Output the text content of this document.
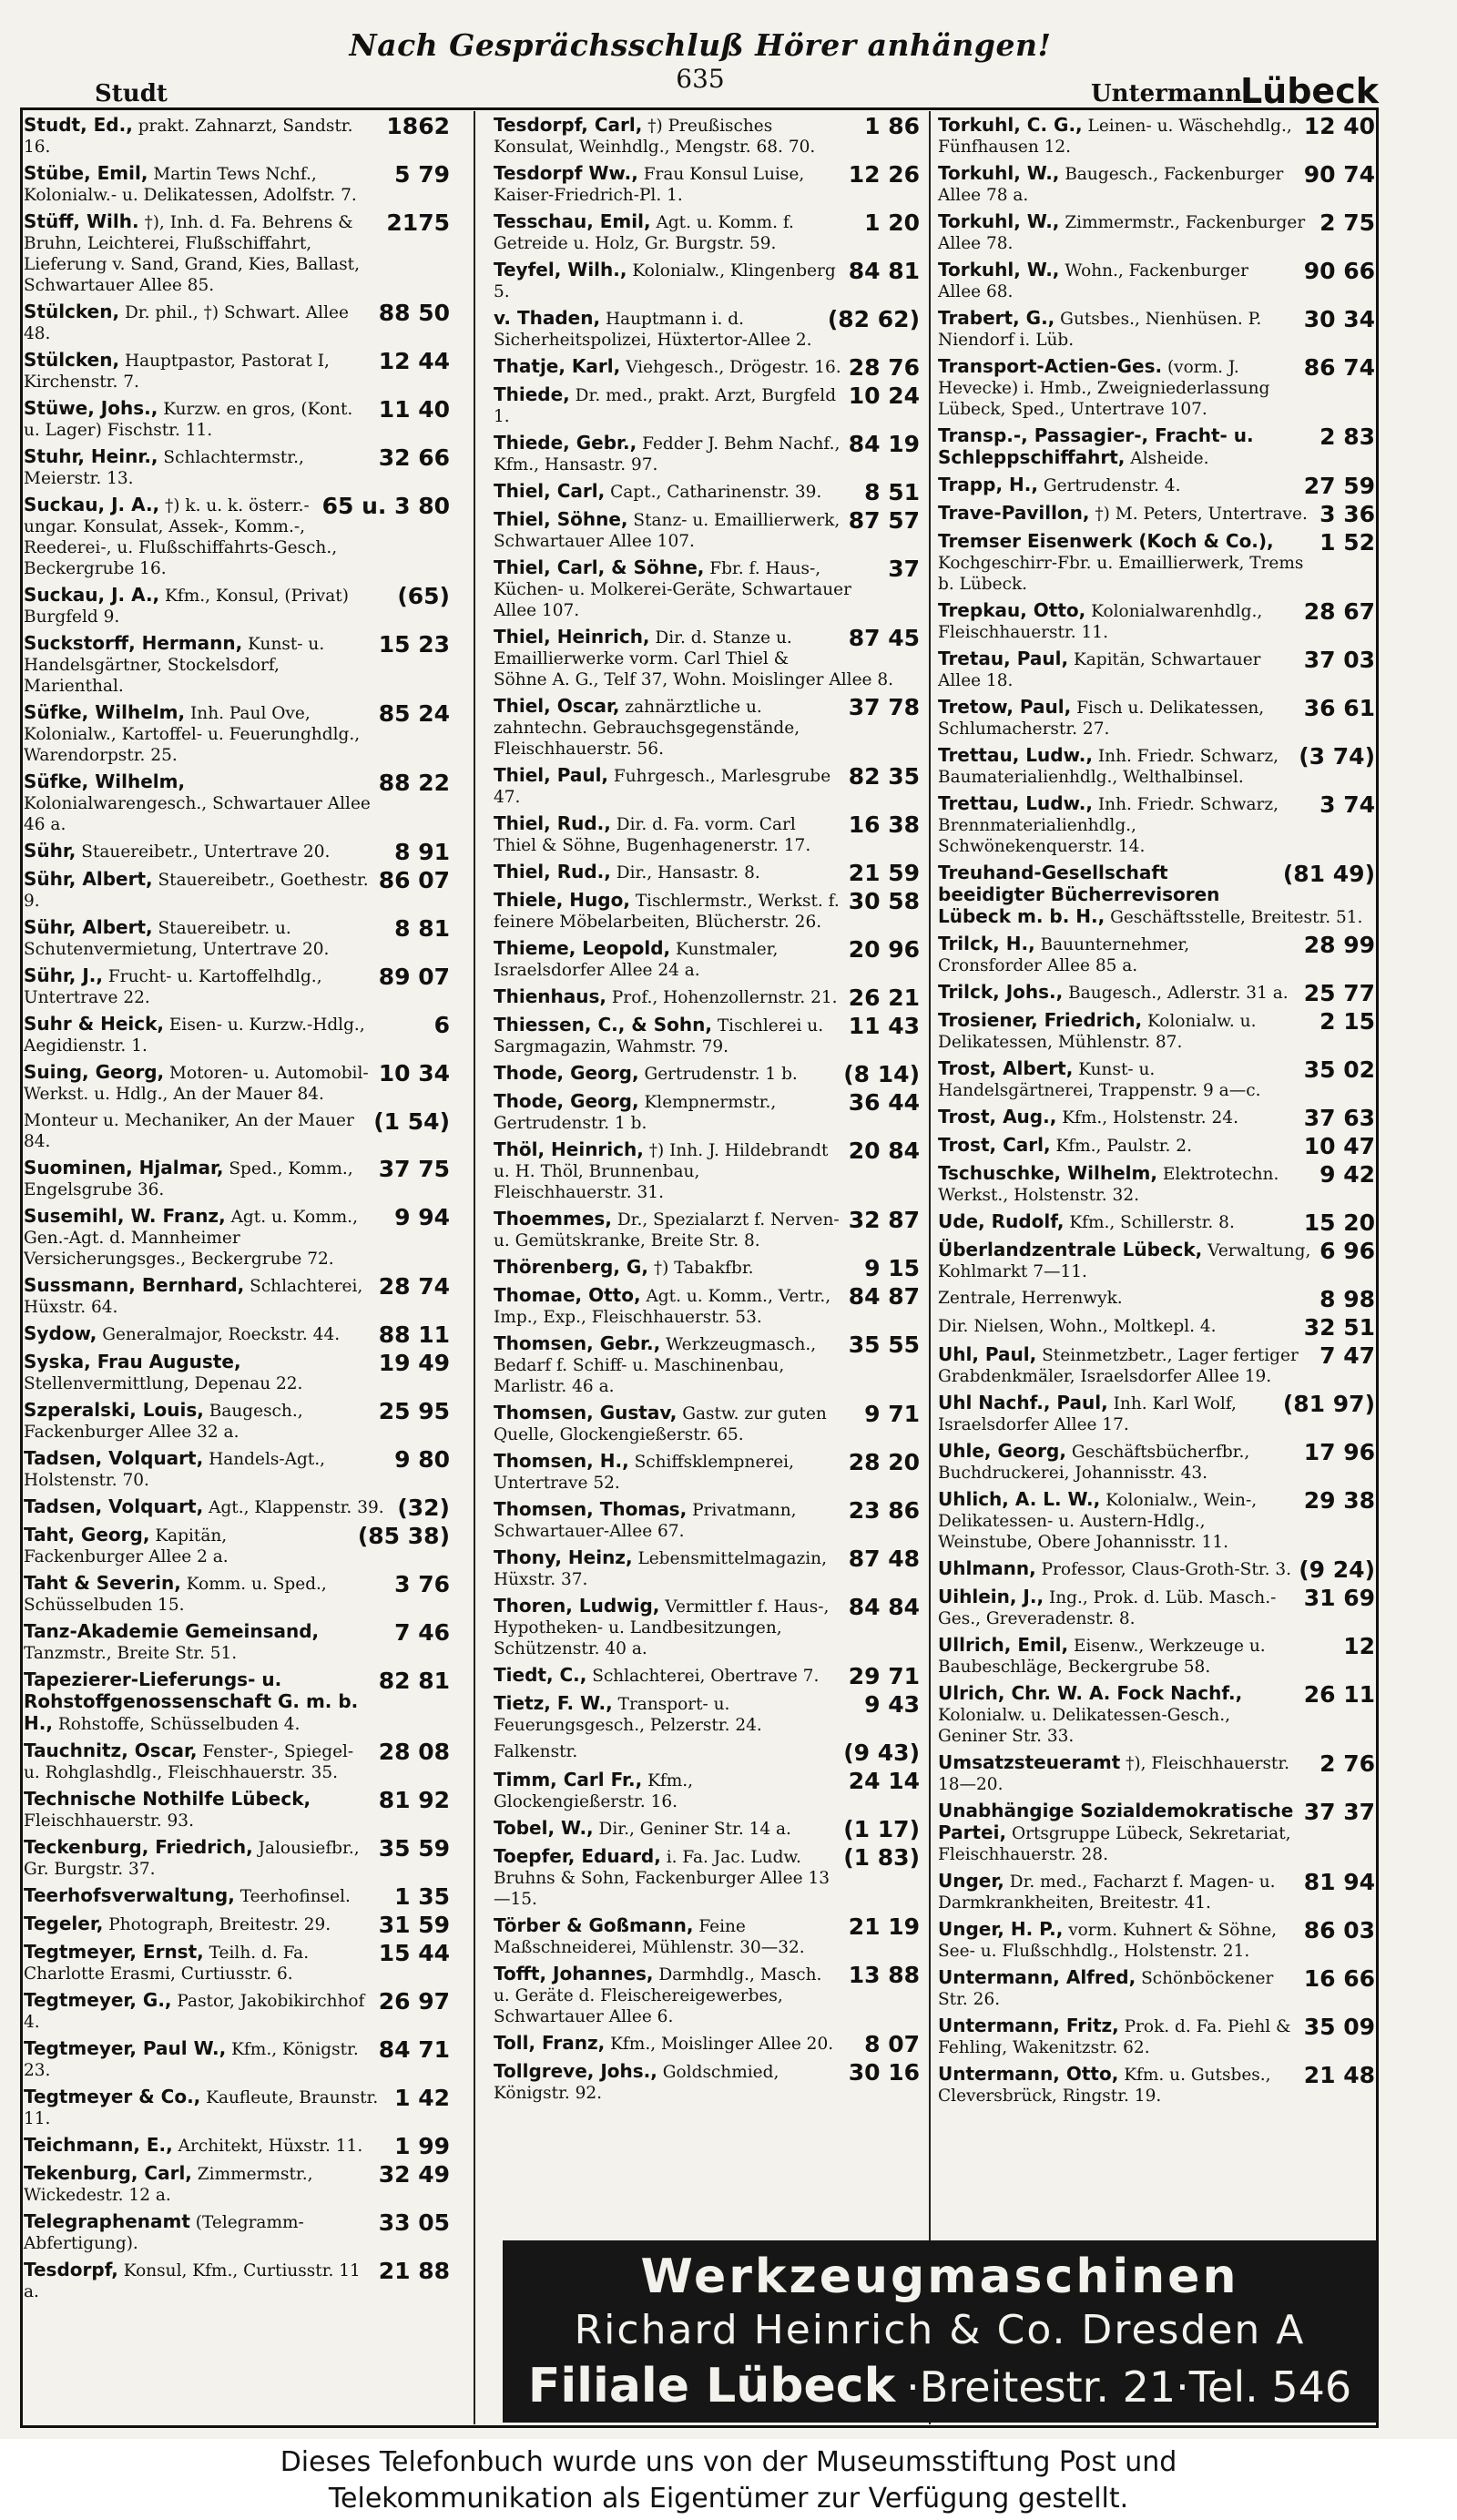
Nach Gesprächsschluß Hörer anhängen!
Studt	635	Untermann
Lübeck
1862
Studt, Ed., prakt. Zahnarzt, Sandstr. 16.
5 79
Stübe, Emil, Martin Tews Nchf., Kolonialw.- u. Delikatessen, Adolfstr. 7.
2175
Stüff, Wilh. †), Inh. d. Fa. Behrens & Bruhn, Leichterei, Flußschiffahrt, Lieferung v. Sand, Grand, Kies, Ballast, Schwartauer Allee 85.
88 50
Stülcken, Dr. phil., †) Schwart. Allee 48.
12 44
Stülcken, Hauptpastor, Pastorat I, Kirchenstr. 7.
11 40
Stüwe, Johs., Kurzw. en gros, (Kont. u. Lager) Fischstr. 11.
32 66
Stuhr, Heinr., Schlachtermstr., Meierstr. 13.
65 u. 3 80
Suckau, J. A., †) k. u. k. österr.-ungar. Konsulat, Assek-, Komm.-, Reederei-, u. Flußschiffahrts-Gesch., Beckergrube 16.
(65)
Suckau, J. A., Kfm., Konsul, (Privat) Burgfeld 9.
15 23
Suckstorff, Hermann, Kunst- u. Handelsgärtner, Stockelsdorf, Marienthal.
85 24
Süfke, Wilhelm, Inh. Paul Ove, Kolonialw., Kartoffel- u. Feuerunghdlg., Warendorpstr. 25.
88 22
Süfke, Wilhelm, Kolonialwarengesch., Schwartauer Allee 46 a.
8 91
Sühr, Stauereibetr., Untertrave 20.
86 07
Sühr, Albert, Stauereibetr., Goethestr. 9.
8 81
Sühr, Albert, Stauereibetr. u. Schutenvermietung, Untertrave 20.
89 07
Sühr, J., Frucht- u. Kartoffelhdlg., Untertrave 22.
6
Suhr & Heick, Eisen- u. Kurzw.-Hdlg., Aegidienstr. 1.
10 34
Suing, Georg, Motoren- u. Automobil-Werkst. u. Hdlg., An der Mauer 84.
(1 54)
Monteur u. Mechaniker, An der Mauer 84.
37 75
Suominen, Hjalmar, Sped., Komm., Engelsgrube 36.
9 94
Susemihl, W. Franz, Agt. u. Komm., Gen.-Agt. d. Mannheimer Versicherungsges., Beckergrube 72.
28 74
Sussmann, Bernhard, Schlachterei, Hüxstr. 64.
88 11
Sydow, Generalmajor, Roeckstr. 44.
19 49
Syska, Frau Auguste, Stellenvermittlung, Depenau 22.
25 95
Szperalski, Louis, Baugesch., Fackenburger Allee 32 a.
9 80
Tadsen, Volquart, Handels-Agt., Holstenstr. 70.
(32)
Tadsen, Volquart, Agt., Klappenstr. 39.
(85 38)
Taht, Georg, Kapitän, Fackenburger Allee 2 a.
3 76
Taht & Severin, Komm. u. Sped., Schüsselbuden 15.
7 46
Tanz-Akademie Gemeinsand, Tanzmstr., Breite Str. 51.
82 81
Tapezierer-Lieferungs- u. Rohstoffgenossenschaft G. m. b. H., Rohstoffe, Schüsselbuden 4.
28 08
Tauchnitz, Oscar, Fenster-, Spiegel- u. Rohglashdlg., Fleischhauerstr. 35.
81 92
Technische Nothilfe Lübeck, Fleischhauerstr. 93.
35 59
Teckenburg, Friedrich, Jalousiefbr., Gr. Burgstr. 37.
1 35
Teerhofsverwaltung, Teerhofinsel.
31 59
Tegeler, Photograph, Breitestr. 29.
15 44
Tegtmeyer, Ernst, Teilh. d. Fa. Charlotte Erasmi, Curtiusstr. 6.
26 97
Tegtmeyer, G., Pastor, Jakobikirchhof 4.
84 71
Tegtmeyer, Paul W., Kfm., Königstr. 23.
1 42
Tegtmeyer & Co., Kaufleute, Braunstr. 11.
1 99
Teichmann, E., Architekt, Hüxstr. 11.
32 49
Tekenburg, Carl, Zimmermstr., Wickedestr. 12 a.
33 05
Telegraphenamt (Telegramm-Abfertigung).
21 88
Tesdorpf, Konsul, Kfm., Curtiusstr. 11 a.
1 86
Tesdorpf, Carl, †) Preußisches Konsulat, Weinhdlg., Mengstr. 68. 70.
12 26
Tesdorpf Ww., Frau Konsul Luise, Kaiser-Friedrich-Pl. 1.
1 20
Tesschau, Emil, Agt. u. Komm. f. Getreide u. Holz, Gr. Burgstr. 59.
84 81
Teyfel, Wilh., Kolonialw., Klingenberg 5.
(82 62)
v. Thaden, Hauptmann i. d. Sicherheitspolizei, Hüxtertor-Allee 2.
28 76
Thatje, Karl, Viehgesch., Drögestr. 16.
10 24
Thiede, Dr. med., prakt. Arzt, Burgfeld 1.
84 19
Thiede, Gebr., Fedder J. Behm Nachf., Kfm., Hansastr. 97.
8 51
Thiel, Carl, Capt., Catharinenstr. 39.
87 57
Thiel, Söhne, Stanz- u. Emaillierwerk, Schwartauer Allee 107.
37
Thiel, Carl, & Söhne, Fbr. f. Haus-, Küchen- u. Molkerei-Geräte, Schwartauer Allee 107.
87 45
Thiel, Heinrich, Dir. d. Stanze u. Emaillierwerke vorm. Carl Thiel & Söhne A. G., Telf 37, Wohn. Moislinger Allee 8.
37 78
Thiel, Oscar, zahnärztliche u. zahntechn. Gebrauchsgegenstände, Fleischhauerstr. 56.
82 35
Thiel, Paul, Fuhrgesch., Marlesgrube 47.
16 38
Thiel, Rud., Dir. d. Fa. vorm. Carl Thiel & Söhne, Bugenhagenerstr. 17.
21 59
Thiel, Rud., Dir., Hansastr. 8.
30 58
Thiele, Hugo, Tischlermstr., Werkst. f. feinere Möbelarbeiten, Blücherstr. 26.
20 96
Thieme, Leopold, Kunstmaler, Israelsdorfer Allee 24 a.
26 21
Thienhaus, Prof., Hohenzollernstr. 21.
11 43
Thiessen, C., & Sohn, Tischlerei u. Sargmagazin, Wahmstr. 79.
(8 14)
Thode, Georg, Gertrudenstr. 1 b.
36 44
Thode, Georg, Klempnermstr., Gertrudenstr. 1 b.
20 84
Thöl, Heinrich, †) Inh. J. Hildebrandt u. H. Thöl, Brunnenbau, Fleischhauerstr. 31.
32 87
Thoemmes, Dr., Spezialarzt f. Nerven- u. Gemütskranke, Breite Str. 8.
9 15
Thörenberg, G, †) Tabakfbr.
84 87
Thomae, Otto, Agt. u. Komm., Vertr., Imp., Exp., Fleischhauerstr. 53.
35 55
Thomsen, Gebr., Werkzeugmasch., Bedarf f. Schiff- u. Maschinenbau, Marlistr. 46 a.
9 71
Thomsen, Gustav, Gastw. zur guten Quelle, Glockengießerstr. 65.
28 20
Thomsen, H., Schiffsklempnerei, Untertrave 52.
23 86
Thomsen, Thomas, Privatmann, Schwartauer-Allee 67.
87 48
Thony, Heinz, Lebensmittelmagazin, Hüxstr. 37.
84 84
Thoren, Ludwig, Vermittler f. Haus-, Hypotheken- u. Landbesitzungen, Schützenstr. 40 a.
29 71
Tiedt, C., Schlachterei, Obertrave 7.
9 43
Tietz, F. W., Transport- u. Feuerungsgesch., Pelzerstr. 24.
(9 43)
Falkenstr.
24 14
Timm, Carl Fr., Kfm., Glockengießerstr. 16.
(1 17)
Tobel, W., Dir., Geniner Str. 14 a.
(1 83)
Toepfer, Eduard, i. Fa. Jac. Ludw. Bruhns & Sohn, Fackenburger Allee 13—15.
21 19
Törber & Goßmann, Feine Maßschneiderei, Mühlenstr. 30—32.
13 88
Tofft, Johannes, Darmhdlg., Masch. u. Geräte d. Fleischereigewerbes, Schwartauer Allee 6.
8 07
Toll, Franz, Kfm., Moislinger Allee 20.
30 16
Tollgreve, Johs., Goldschmied, Königstr. 92.
12 40
Torkuhl, C. G., Leinen- u. Wäschehdlg., Fünfhausen 12.
90 74
Torkuhl, W., Baugesch., Fackenburger Allee 78 a.
2 75
Torkuhl, W., Zimmermstr., Fackenburger Allee 78.
90 66
Torkuhl, W., Wohn., Fackenburger Allee 68.
30 34
Trabert, G., Gutsbes., Nienhüsen. P. Niendorf i. Lüb.
86 74
Transport-Actien-Ges. (vorm. J. Hevecke) i. Hmb., Zweigniederlassung Lübeck, Sped., Untertrave 107.
2 83
Transp.-, Passagier-, Fracht- u. Schleppschiffahrt, Alsheide.
27 59
Trapp, H., Gertrudenstr. 4.
3 36
Trave-Pavillon, †) M. Peters, Untertrave.
1 52
Tremser Eisenwerk (Koch & Co.), Kochgeschirr-Fbr. u. Emaillierwerk, Trems b. Lübeck.
28 67
Trepkau, Otto, Kolonialwarenhdlg., Fleischhauerstr. 11.
37 03
Tretau, Paul, Kapitän, Schwartauer Allee 18.
36 61
Tretow, Paul, Fisch u. Delikatessen, Schlumacherstr. 27.
(3 74)
Trettau, Ludw., Inh. Friedr. Schwarz, Baumaterialienhdlg., Welthalbinsel.
3 74
Trettau, Ludw., Inh. Friedr. Schwarz, Brennmaterialienhdlg., Schwönekenquerstr. 14.
(81 49)
Treuhand-Gesellschaft beeidigter Bücherrevisoren Lübeck m. b. H., Geschäftsstelle, Breitestr. 51.
28 99
Trilck, H., Bauunternehmer, Cronsforder Allee 85 a.
25 77
Trilck, Johs., Baugesch., Adlerstr. 31 a.
2 15
Trosiener, Friedrich, Kolonialw. u. Delikatessen, Mühlenstr. 87.
35 02
Trost, Albert, Kunst- u. Handelsgärtnerei, Trappenstr. 9 a—c.
37 63
Trost, Aug., Kfm., Holstenstr. 24.
10 47
Trost, Carl, Kfm., Paulstr. 2.
9 42
Tschuschke, Wilhelm, Elektrotechn. Werkst., Holstenstr. 32.
15 20
Ude, Rudolf, Kfm., Schillerstr. 8.
6 96
Überlandzentrale Lübeck, Verwaltung, Kohlmarkt 7—11.
8 98
Zentrale, Herrenwyk.
32 51
Dir. Nielsen, Wohn., Moltkepl. 4.
7 47
Uhl, Paul, Steinmetzbetr., Lager fertiger Grabdenkmäler, Israelsdorfer Allee 19.
(81 97)
Uhl Nachf., Paul, Inh. Karl Wolf, Israelsdorfer Allee 17.
17 96
Uhle, Georg, Geschäftsbücherfbr., Buchdruckerei, Johannisstr. 43.
29 38
Uhlich, A. L. W., Kolonialw., Wein-, Delikatessen- u. Austern-Hdlg., Weinstube, Obere Johannisstr. 11.
(9 24)
Uhlmann, Professor, Claus-Groth-Str. 3.
31 69
Uihlein, J., Ing., Prok. d. Lüb. Masch.-Ges., Greveradenstr. 8.
12
Ullrich, Emil, Eisenw., Werkzeuge u. Baubeschläge, Beckergrube 58.
26 11
Ulrich, Chr. W. A. Fock Nachf., Kolonialw. u. Delikatessen-Gesch., Geniner Str. 33.
2 76
Umsatzsteueramt †), Fleischhauerstr. 18—20.
37 37
Unabhängige Sozialdemokratische Partei, Ortsgruppe Lübeck, Sekretariat, Fleischhauerstr. 28.
81 94
Unger, Dr. med., Facharzt f. Magen- u. Darmkrankheiten, Breitestr. 41.
86 03
Unger, H. P., vorm. Kuhnert & Söhne, See- u. Flußschhdlg., Holstenstr. 21.
16 66
Untermann, Alfred, Schönböckener Str. 26.
35 09
Untermann, Fritz, Prok. d. Fa. Piehl & Fehling, Wakenitzstr. 62.
21 48
Untermann, Otto, Kfm. u. Gutsbes., Cleversbrück, Ringstr. 19.
Werkzeugmaschinen
Richard Heinrich & Co. Dresden A
Filiale Lübeck ·Breitestr. 21·Tel. 546
Dieses Telefonbuch wurde uns von der Museumsstiftung Post und
Telekommunikation als Eigentümer zur Verfügung gestellt.
